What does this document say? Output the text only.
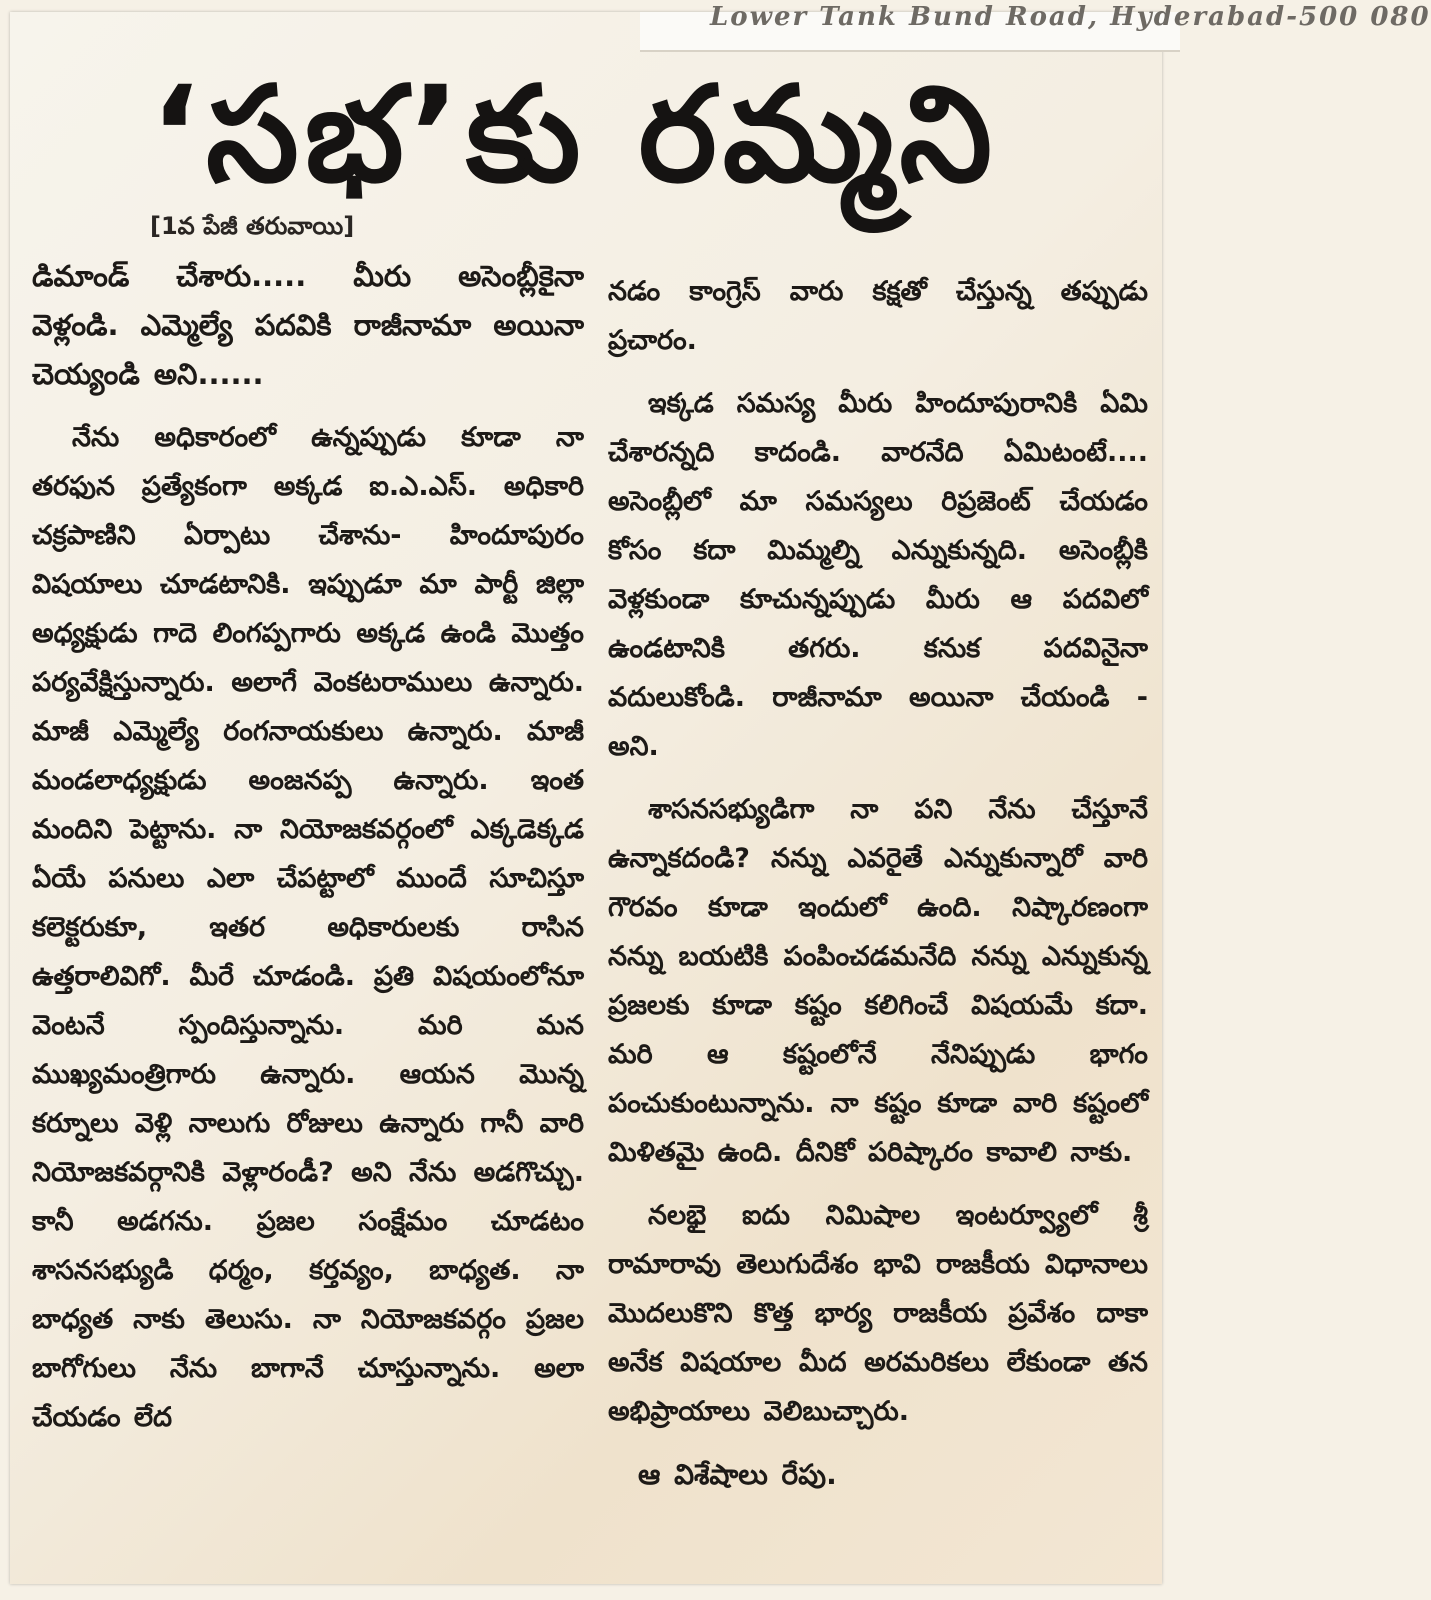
Lower Tank Bund Road, Hyderabad-500 080
‘సభ’కు రమ్మని
[1వ పేజీ తరువాయి]

డిమాండ్ చేశారు..... మీరు అసెంబ్లీకైనా వెళ్లండి. ఎమ్మెల్యే పదవికి రాజీనామా అయినా చెయ్యండి అని......

నేను అధికారంలో ఉన్నప్పుడు కూడా నా తరఫున ప్రత్యేకంగా అక్కడ ఐ.ఎ.ఎస్. అధికారి చక్రపాణిని ఏర్పాటు చేశాను- హిందూపురం విషయాలు చూడటానికి. ఇప్పుడూ మా పార్టీ జిల్లా అధ్యక్షుడు గాదె లింగప్పగారు అక్కడ ఉండి మొత్తం పర్యవేక్షిస్తున్నారు. అలాగే వెంకటరాములు ఉన్నారు. మాజీ ఎమ్మెల్యే రంగనాయకులు ఉన్నారు. మాజీ మండలాధ్యక్షుడు అంజనప్ప ఉన్నారు. ఇంత మందిని పెట్టాను. నా నియోజకవర్గంలో ఎక్కడెక్కడ ఏయే పనులు ఎలా చేపట్టాలో ముందే సూచిస్తూ కలెక్టరుకూ, ఇతర అధికారులకు రాసిన ఉత్తరాలివిగో. మీరే చూడండి. ప్రతి విషయంలోనూ వెంటనే స్పందిస్తున్నాను. మరి మన ముఖ్యమంత్రిగారు ఉన్నారు. ఆయన మొన్న కర్నూలు వెళ్లి నాలుగు రోజులు ఉన్నారు గానీ వారి నియోజకవర్గానికి వెళ్లారండీ? అని నేను అడగొచ్చు. కానీ అడగను. ప్రజల సంక్షేమం చూడటం శాసనసభ్యుడి ధర్మం, కర్తవ్యం, బాధ్యత. నా బాధ్యత నాకు తెలుసు. నా నియోజకవర్గం ప్రజల బాగోగులు నేను బాగానే చూస్తున్నాను. అలా చేయడం లేద

నడం కాంగ్రెస్ వారు కక్షతో చేస్తున్న తప్పుడు ప్రచారం.

ఇక్కడ సమస్య మీరు హిందూపురానికి ఏమి చేశారన్నది కాదండి. వారనేది ఏమిటంటే.... అసెంబ్లీలో మా సమస్యలు రిప్రజెంట్ చేయడం కోసం కదా మిమ్మల్ని ఎన్నుకున్నది. అసెంబ్లీకి వెళ్లకుండా కూచున్నప్పుడు మీరు ఆ పదవిలో ఉండటానికి తగరు. కనుక పదవినైనా వదులుకోండి. రాజీనామా అయినా చేయండి - అని.

శాసనసభ్యుడిగా నా పని నేను చేస్తూనే ఉన్నాకదండి? నన్ను ఎవరైతే ఎన్నుకున్నారో వారి గౌరవం కూడా ఇందులో ఉంది. నిష్కారణంగా నన్ను బయటికి పంపించడమనేది నన్ను ఎన్నుకున్న ప్రజలకు కూడా కష్టం కలిగించే విషయమే కదా. మరి ఆ కష్టంలోనే నేనిప్పుడు భాగం పంచుకుంటున్నాను. నా కష్టం కూడా వారి కష్టంలో మిళితమై ఉంది. దీనికో పరిష్కారం కావాలి నాకు.

నలభై ఐదు నిమిషాల ఇంటర్వ్యూలో శ్రీ రామారావు తెలుగుదేశం భావి రాజకీయ విధానాలు మొదలుకొని కొత్త భార్య రాజకీయ ప్రవేశం దాకా అనేక విషయాల మీద అరమరికలు లేకుండా తన అభిప్రాయాలు వెలిబుచ్చారు.

ఆ విశేషాలు రేపు.
